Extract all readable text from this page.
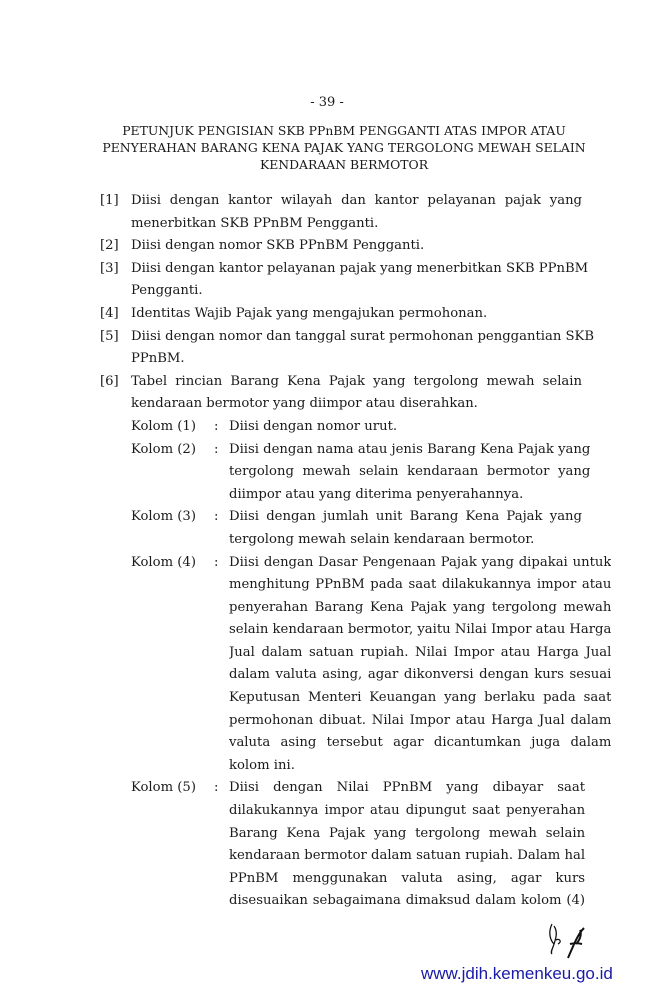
- 39 -
PETUNJUK PENGISIAN SKB PPnBM PENGGANTI ATAS IMPOR ATAU
PENYERAHAN BARANG KENA PAJAK YANG TERGOLONG MEWAH SELAIN
KENDARAAN BERMOTOR
[1] Diisi dengan kantor wilayah dan kantor pelayanan pajak yang
menerbitkan SKB PPnBM Pengganti.
[2] Diisi dengan nomor SKB PPnBM Pengganti.
[3] Diisi dengan kantor pelayanan pajak yang menerbitkan SKB PPnBM
Pengganti.
[4] Identitas Wajib Pajak yang mengajukan permohonan.
[5] Diisi dengan nomor dan tanggal surat permohonan penggantian SKB
PPnBM.
[6] Tabel rincian Barang Kena Pajak yang tergolong mewah selain
kendaraan bermotor yang diimpor atau diserahkan.
Kolom (1)	: Diisi dengan nomor urut.
Kolom (2)	: Diisi dengan nama atau jenis Barang Kena Pajak yang
tergolong mewah selain kendaraan bermotor yang
diimpor atau yang diterima penyerahannya.
Kolom (3)	: Diisi dengan jumlah unit Barang Kena Pajak yang
tergolong mewah selain kendaraan bermotor.
Kolom (4)	: Diisi dengan Dasar Pengenaan Pajak yang dipakai untuk
menghitung PPnBM pada saat dilakukannya impor atau
penyerahan Barang Kena Pajak yang tergolong mewah
selain kendaraan bermotor, yaitu Nilai Impor atau Harga
Jual dalam satuan rupiah. Nilai Impor atau Harga Jual
dalam valuta asing, agar dikonversi dengan kurs sesuai
Keputusan Menteri Keuangan yang berlaku pada saat
permohonan dibuat. Nilai Impor atau Harga Jual dalam
valuta asing tersebut agar dicantumkan juga dalam
kolom ini.
Kolom (5)	: Diisi dengan Nilai PPnBM yang dibayar saat
dilakukannya impor atau dipungut saat penyerahan
Barang Kena Pajak yang tergolong mewah selain
kendaraan bermotor dalam satuan rupiah. Dalam hal
PPnBM menggunakan valuta asing, agar kurs
disesuaikan sebagaimana dimaksud dalam kolom (4)
www.jdih.kemenkeu.go.id
